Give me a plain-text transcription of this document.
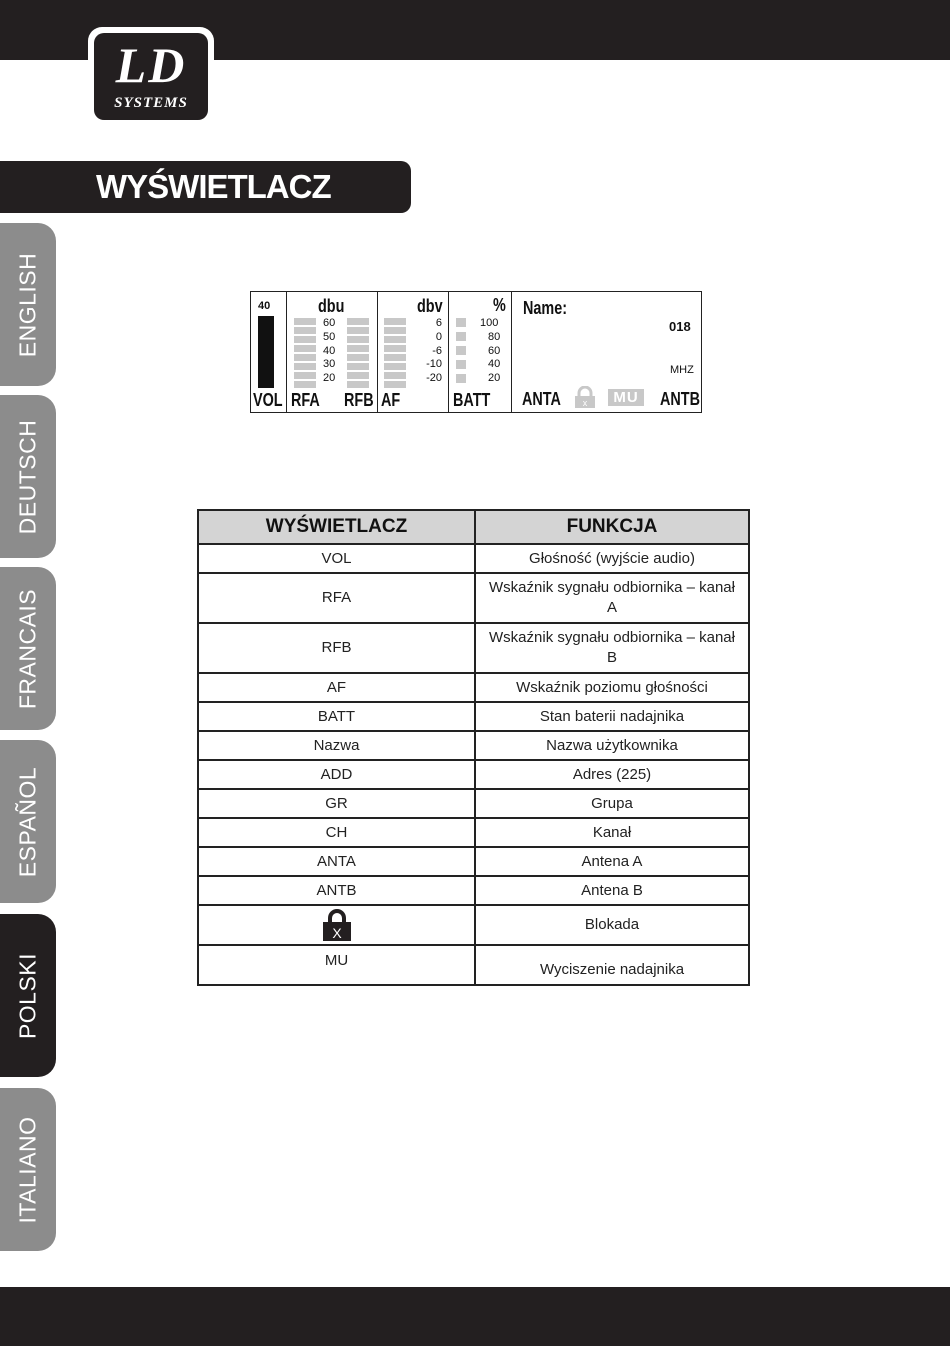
LD
SYSTEMS
WYŚWIETLACZ
ENGLISH
DEUTSCH
FRANCAIS
ESPAÑOL
POLSKI
ITALIANO
40
VOL
dbu
60
50
40
30
20
RFA RFB
dbv
6
0
-6
-10
-20
AF
%
100
80
60
40
20
BATT
Name:
018
MHZ
ANTA x	MU ANTB
WYŚWIETLACZ	FUNKCJA
VOL	Głośność (wyjście audio)
RFA	Wskaźnik sygnału odbiornika – kanał A
RFB	Wskaźnik sygnału odbiornika – kanał B
AF	Wskaźnik poziomu głośności
BATT	Stan baterii nadajnika
Nazwa	Nazwa użytkownika
ADD	Adres (225)
GR	Grupa
CH	Kanał
ANTA	Antena A
ANTB	Antena B

X	Blokada
MU	Wyciszenie nadajnika
